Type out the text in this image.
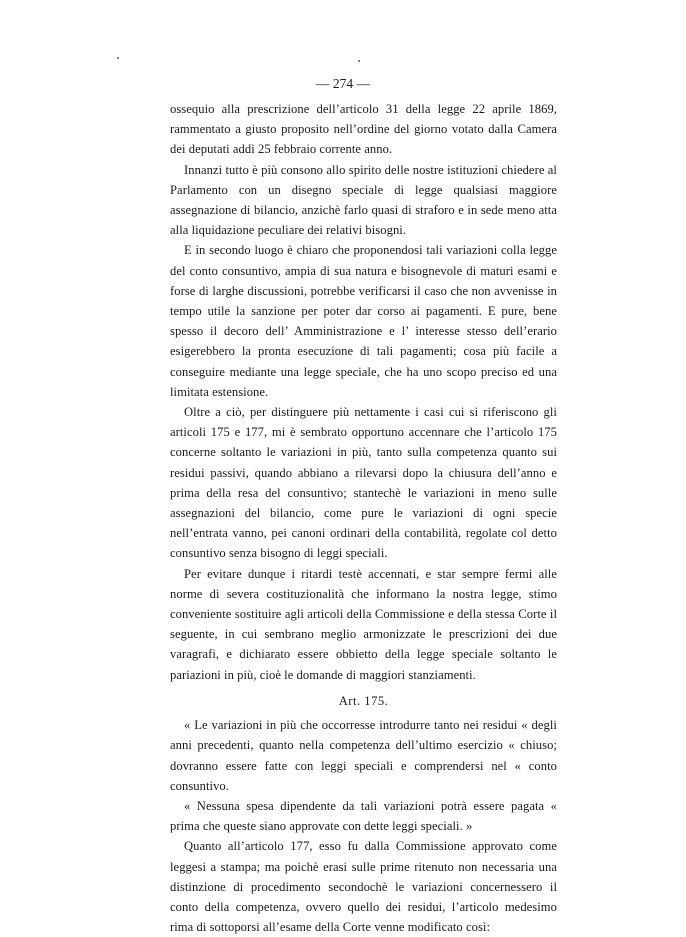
— 274 —

ossequio alla prescrizione dell’articolo 31 della legge 22 aprile 1869, rammentato a giusto proposito nell’ordine del giorno votato dalla Camera dei deputati addì 25 febbraio corrente anno.

Innanzi tutto è più consono allo spirito delle nostre istituzioni chiedere al Parlamento con un disegno speciale di legge qualsiasi maggiore assegnazione di bilancio, anzichè farlo quasi di straforo e in sede meno atta alla liquidazione peculiare dei relativi bisogni.

E in secondo luogo è chiaro che proponendosi tali variazioni colla legge del conto consuntivo, ampia di sua natura e bisognevole di maturi esami e forse di larghe discussioni, potrebbe verificarsi il caso che non avvenisse in tempo utile la sanzione per poter dar corso ai pagamenti. E pure, bene spesso il decoro dell’ Amministrazione e l’ interesse stesso dell’erario esigerebbero la pronta esecuzione di tali pagamenti; cosa più facile a conseguire mediante una legge speciale, che ha uno scopo preciso ed una limitata estensione.

Oltre a ciò, per distinguere più nettamente i casi cui si riferiscono gli articoli 175 e 177, mi è sembrato opportuno accennare che l’articolo 175 concerne soltanto le variazioni in più, tanto sulla competenza quanto sui residui passivi, quando abbiano a rilevarsi dopo la chiusura dell’anno e prima della resa del consuntivo; stantechè le variazioni in meno sulle assegnazioni del bilancio, come pure le variazioni di ogni specie nell’entrata vanno, pei canoni ordinari della contabilità, regolate col detto consuntivo senza bisogno di leggi speciali.

Per evitare dunque i ritardi testè accennati, e star sempre fermi alle norme di severa costituzionalità che informano la nostra legge, stimo conveniente sostituire agli articoli della Commissione e della stessa Corte il seguente, in cui sembrano meglio armonizzate le prescrizioni dei due varagrafi, e dichiarato essere obbietto della legge speciale soltanto le pariazioni in più, cioè le domande di maggiori stanziamenti.

Art. 175.

« Le variazioni in più che occorresse introdurre tanto nei residui « degli anni precedenti, quanto nella competenza dell’ultimo esercizio « chiuso; dovranno essere fatte con leggi speciali e comprendersi nel « conto consuntivo.

« Nessuna spesa dipendente da tali variazioni potrà essere pagata « prima che queste siano approvate con dette leggi speciali. »

Quanto all’articolo 177, esso fu dalla Commissione approvato come leggesi a stampa; ma poichè erasi sulle prime ritenuto non necessaria una distinzione di procedimento secondochè le variazioni concernessero il conto della competenza, ovvero quello dei residui, l’articolo medesimo rima di sottoporsi all’esame della Corte venne modificato così:
